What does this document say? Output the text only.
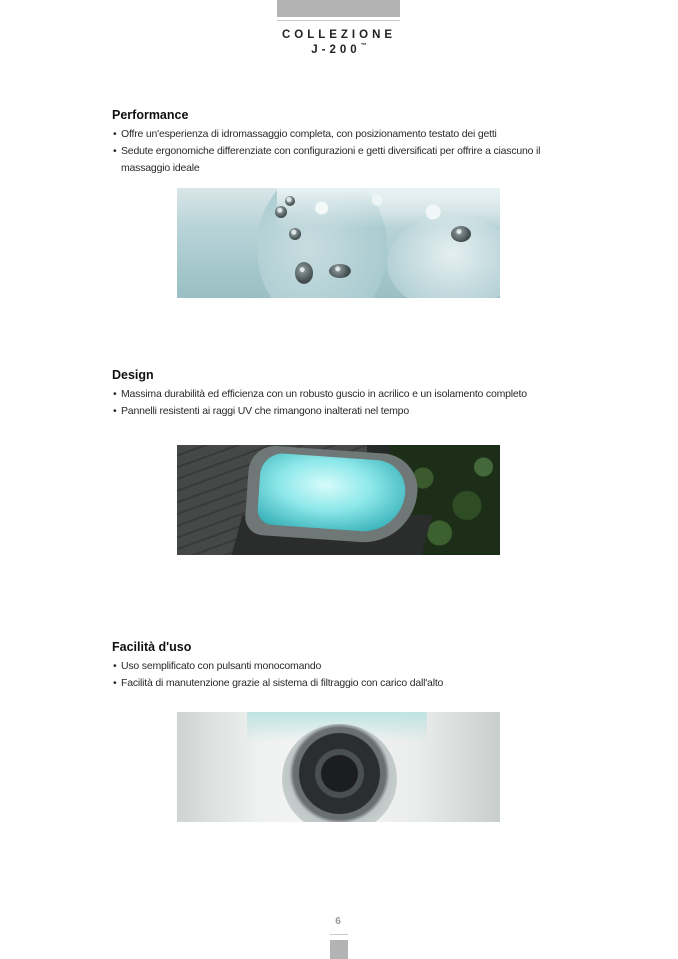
COLLEZIONE
J-200™
Performance
• Offre un'esperienza di idromassaggio completa, con posizionamento testato dei getti
• Sedute ergonomiche differenziate con configurazioni e getti diversificati per offrire a ciascuno il massaggio ideale
Design
• Massima durabilità ed efficienza con un robusto guscio in acrilico e un isolamento completo
• Pannelli resistenti ai raggi UV che rimangono inalterati nel tempo
Facilità d'uso
• Uso semplificato con pulsanti monocomando
• Facilità di manutenzione grazie al sistema di filtraggio con carico dall'alto
6
